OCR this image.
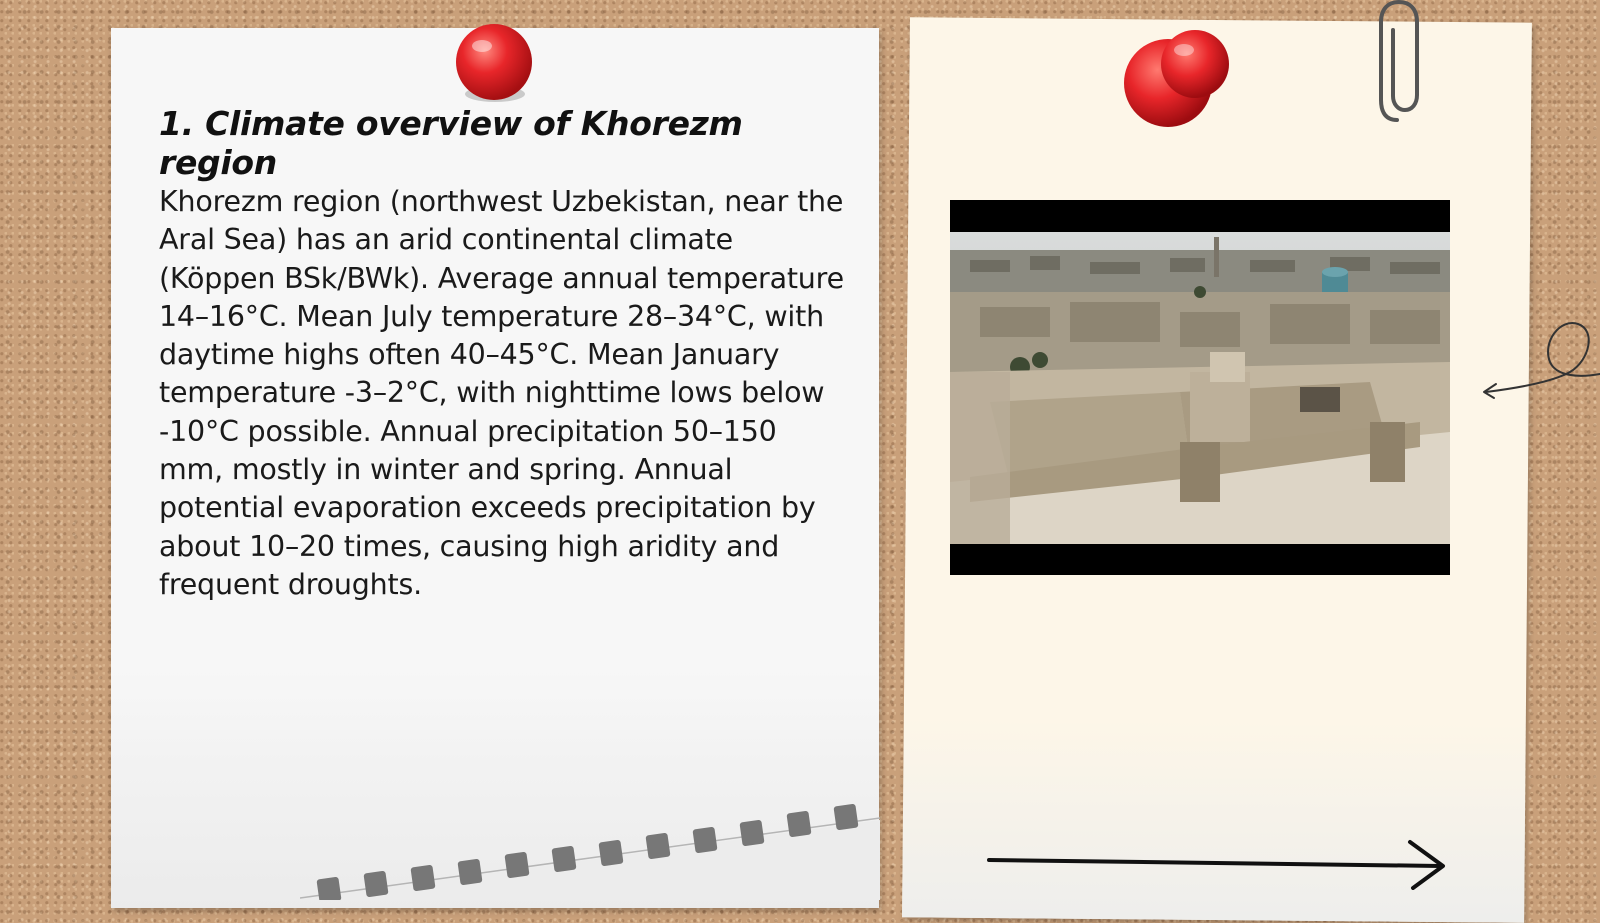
1. Climate overview of Khorezm region

Khorezm region (northwest Uzbekistan, near the Aral Sea) has an arid continental climate (Köppen BSk/BWk). Average annual temperature 14–16°C. Mean July temperature 28–34°C, with daytime highs often 40–45°C. Mean January temperature -3–2°C, with nighttime lows below -10°C possible. Annual precipitation 50–150 mm, mostly in winter and spring. Annual potential evaporation exceeds precipitation by about 10–20 times, causing high aridity and frequent droughts.
